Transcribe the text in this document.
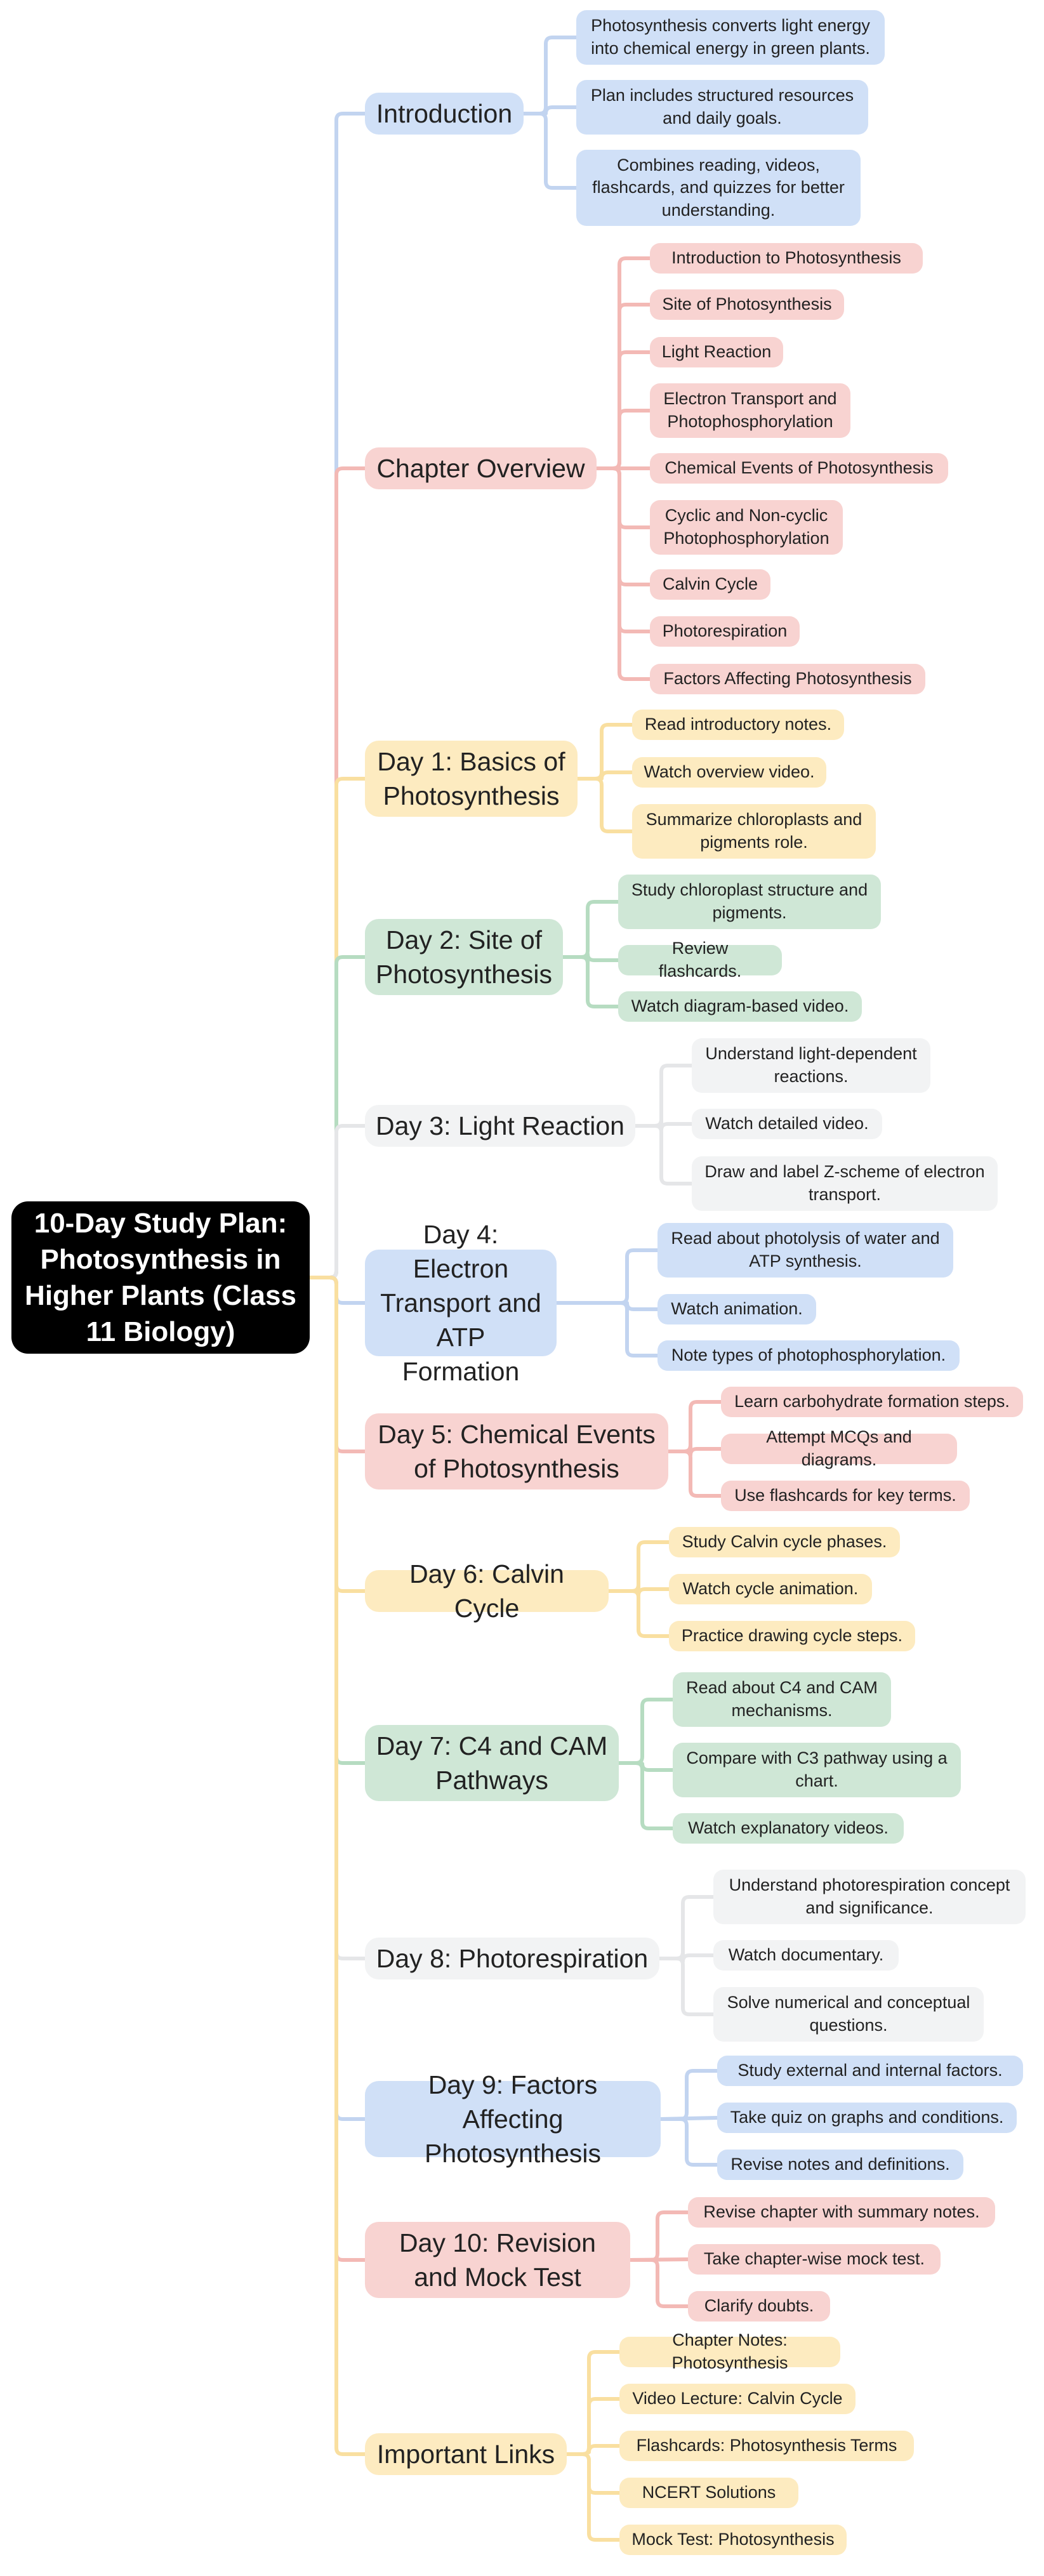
10-Day Study Plan: Photosynthesis in Higher Plants (Class 11 Biology)
Introduction
Photosynthesis converts light energy into chemical energy in green plants.
Plan includes structured resources and daily goals.
Combines reading, videos, flashcards, and quizzes for better understanding.
Chapter Overview
Introduction to Photosynthesis
Site of Photosynthesis
Light Reaction
Electron Transport and Photophosphorylation
Chemical Events of Photosynthesis
Cyclic and Non-cyclic Photophosphorylation
Calvin Cycle
Photorespiration
Factors Affecting Photosynthesis
Day 1: Basics of Photosynthesis
Read introductory notes.
Watch overview video.
Summarize chloroplasts and pigments role.
Day 2: Site of Photosynthesis
Study chloroplast structure and pigments.
Review flashcards.
Watch diagram-based video.
Day 3: Light Reaction
Understand light-dependent reactions.
Watch detailed video.
Draw and label Z-scheme of electron transport.
Day 4: Electron Transport and ATP Formation
Read about photolysis of water and ATP synthesis.
Watch animation.
Note types of photophosphorylation.
Day 5: Chemical Events of Photosynthesis
Learn carbohydrate formation steps.
Attempt MCQs and diagrams.
Use flashcards for key terms.
Day 6: Calvin Cycle
Study Calvin cycle phases.
Watch cycle animation.
Practice drawing cycle steps.
Day 7: C4 and CAM Pathways
Read about C4 and CAM mechanisms.
Compare with C3 pathway using a chart.
Watch explanatory videos.
Day 8: Photorespiration
Understand photorespiration concept and significance.
Watch documentary.
Solve numerical and conceptual questions.
Day 9: Factors Affecting Photosynthesis
Study external and internal factors.
Take quiz on graphs and conditions.
Revise notes and definitions.
Day 10: Revision and Mock Test
Revise chapter with summary notes.
Take chapter-wise mock test.
Clarify doubts.
Important Links
Chapter Notes: Photosynthesis
Video Lecture: Calvin Cycle
Flashcards: Photosynthesis Terms
NCERT Solutions
Mock Test: Photosynthesis
